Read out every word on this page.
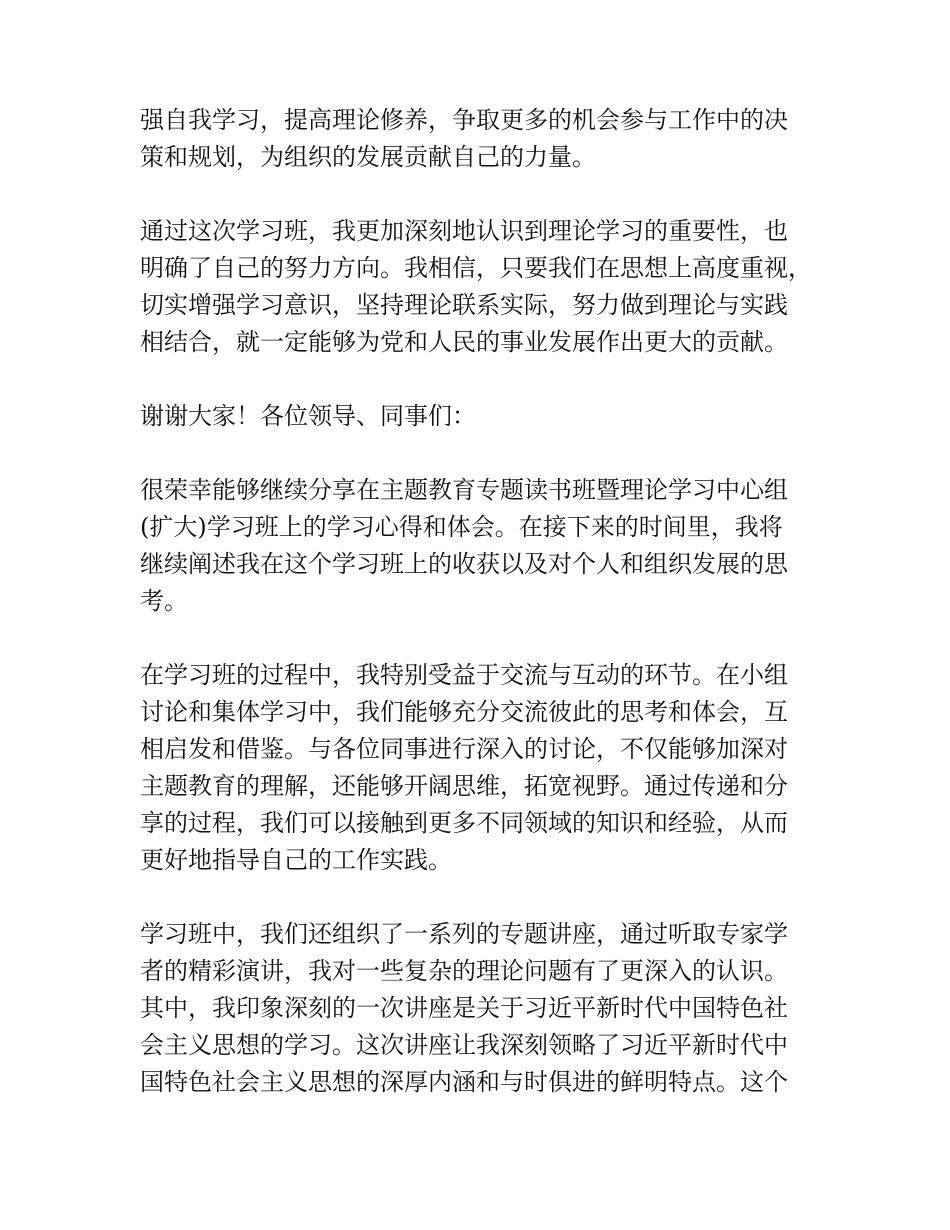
强自我学习，提高理论修养，争取更多的机会参与工作中的决
策和规划，为组织的发展贡献自己的力量。

通过这次学习班，我更加深刻地认识到理论学习的重要性，也
明确了自己的努力方向。我相信，只要我们在思想上高度重视，
切实增强学习意识，坚持理论联系实际，努力做到理论与实践
相结合，就一定能够为党和人民的事业发展作出更大的贡献。

谢谢大家！各位领导、同事们：

很荣幸能够继续分享在主题教育专题读书班暨理论学习中心组
(扩大)学习班上的学习心得和体会。在接下来的时间里，我将
继续阐述我在这个学习班上的收获以及对个人和组织发展的思
考。

在学习班的过程中，我特别受益于交流与互动的环节。在小组
讨论和集体学习中，我们能够充分交流彼此的思考和体会，互
相启发和借鉴。与各位同事进行深入的讨论，不仅能够加深对
主题教育的理解，还能够开阔思维，拓宽视野。通过传递和分
享的过程，我们可以接触到更多不同领域的知识和经验，从而
更好地指导自己的工作实践。

学习班中，我们还组织了一系列的专题讲座，通过听取专家学
者的精彩演讲，我对一些复杂的理论问题有了更深入的认识。
其中，我印象深刻的一次讲座是关于习近平新时代中国特色社
会主义思想的学习。这次讲座让我深刻领略了习近平新时代中
国特色社会主义思想的深厚内涵和与时俱进的鲜明特点。这个
